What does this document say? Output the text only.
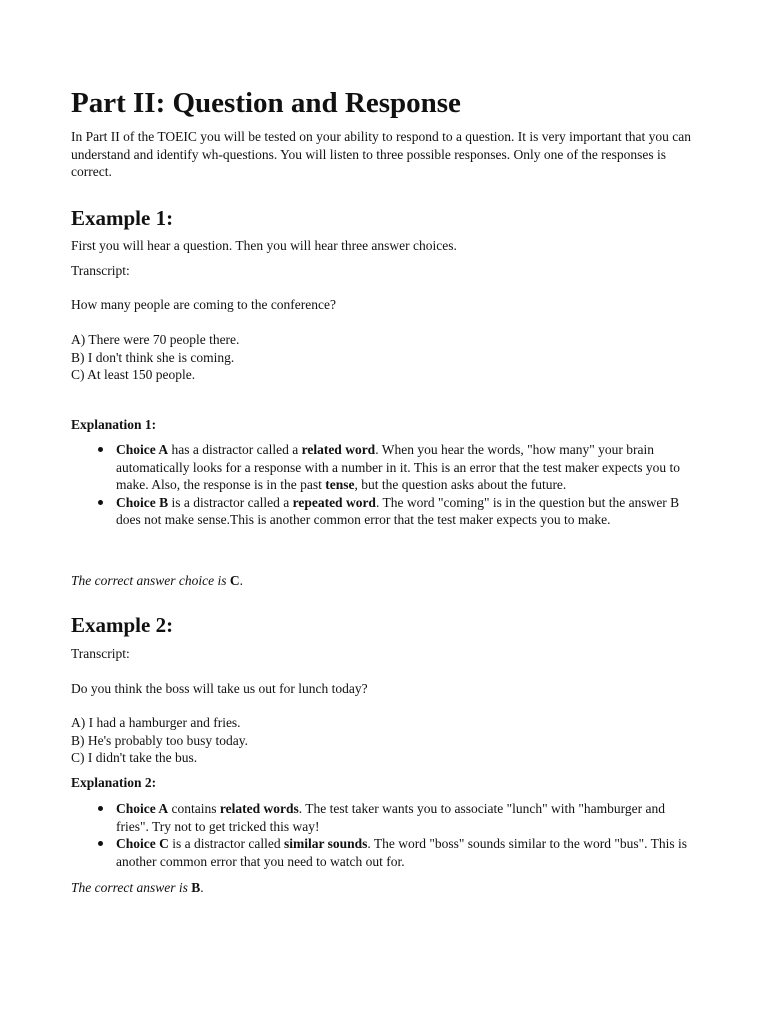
Part II: Question and Response

In Part II of the TOEIC you will be tested on your ability to respond to a question. It is very important that you can understand and identify wh-questions. You will listen to three possible responses. Only one of the responses is correct.

Example 1:

First you will hear a question. Then you will hear three answer choices.

Transcript:

How many people are coming to the conference?

A) There were 70 people there.
B) I don't think she is coming.
C) At least 150 people.

Explanation 1:

Choice A has a distractor called a related word. When you hear the words, "how many" your brain automatically looks for a response with a number in it. This is an error that the test maker expects you to make. Also, the response is in the past tense, but the question asks about the future.
Choice B is a distractor called a repeated word. The word "coming" is in the question but the answer B does not make sense.This is another common error that the test maker expects you to make.

The correct answer choice is C.

Example 2:

Transcript:

Do you think the boss will take us out for lunch today?

A) I had a hamburger and fries.
B) He's probably too busy today.
C) I didn't take the bus.

Explanation 2:

Choice A contains related words. The test taker wants you to associate "lunch" with "hamburger and fries". Try not to get tricked this way!
Choice C is a distractor called similar sounds. The word "boss" sounds similar to the word "bus". This is another common error that you need to watch out for.

The correct answer is B.
